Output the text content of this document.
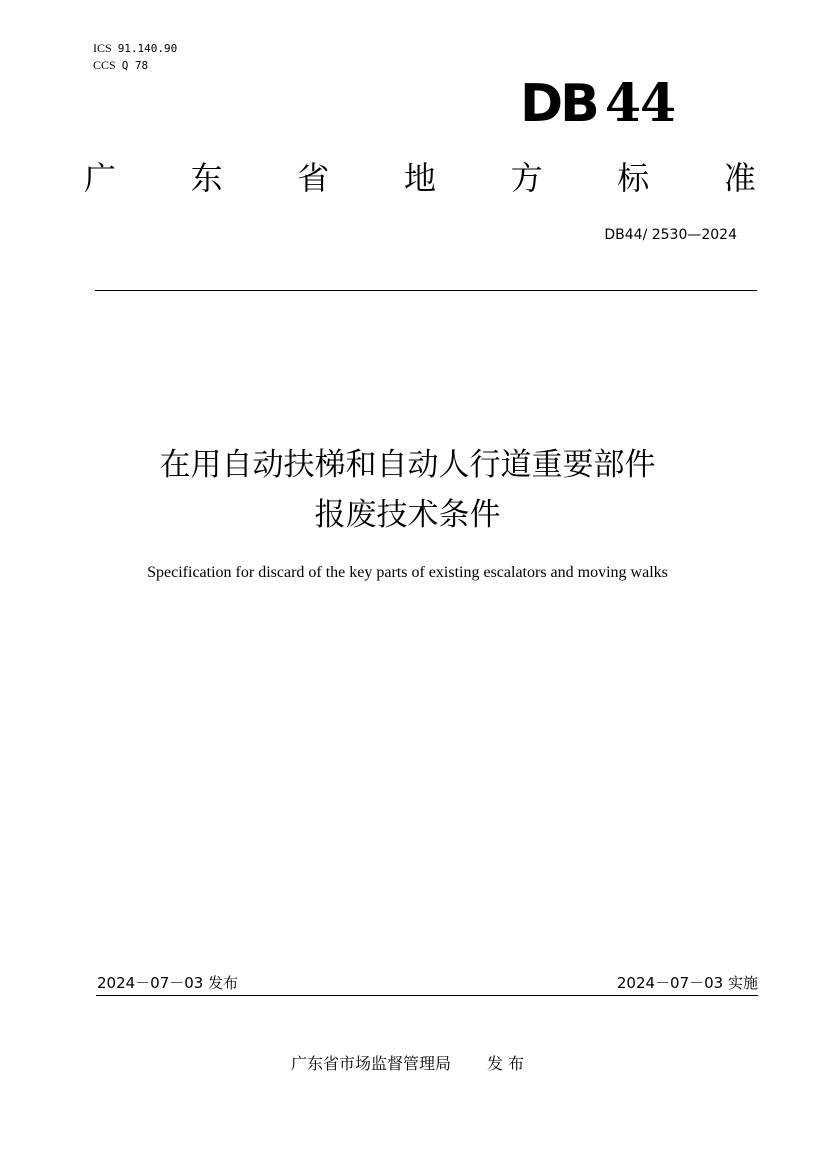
ICS 91.140.90
CCS Q 78
DB 44
广 东 省 地 方 标 准
DB44/ 2530—2024
在用自动扶梯和自动人行道重要部件
报废技术条件
Specification for discard of the key parts of existing escalators and moving walks
2024－07－03 发布	2024－07－03 实施
广东省市场监督管理局 发 布
